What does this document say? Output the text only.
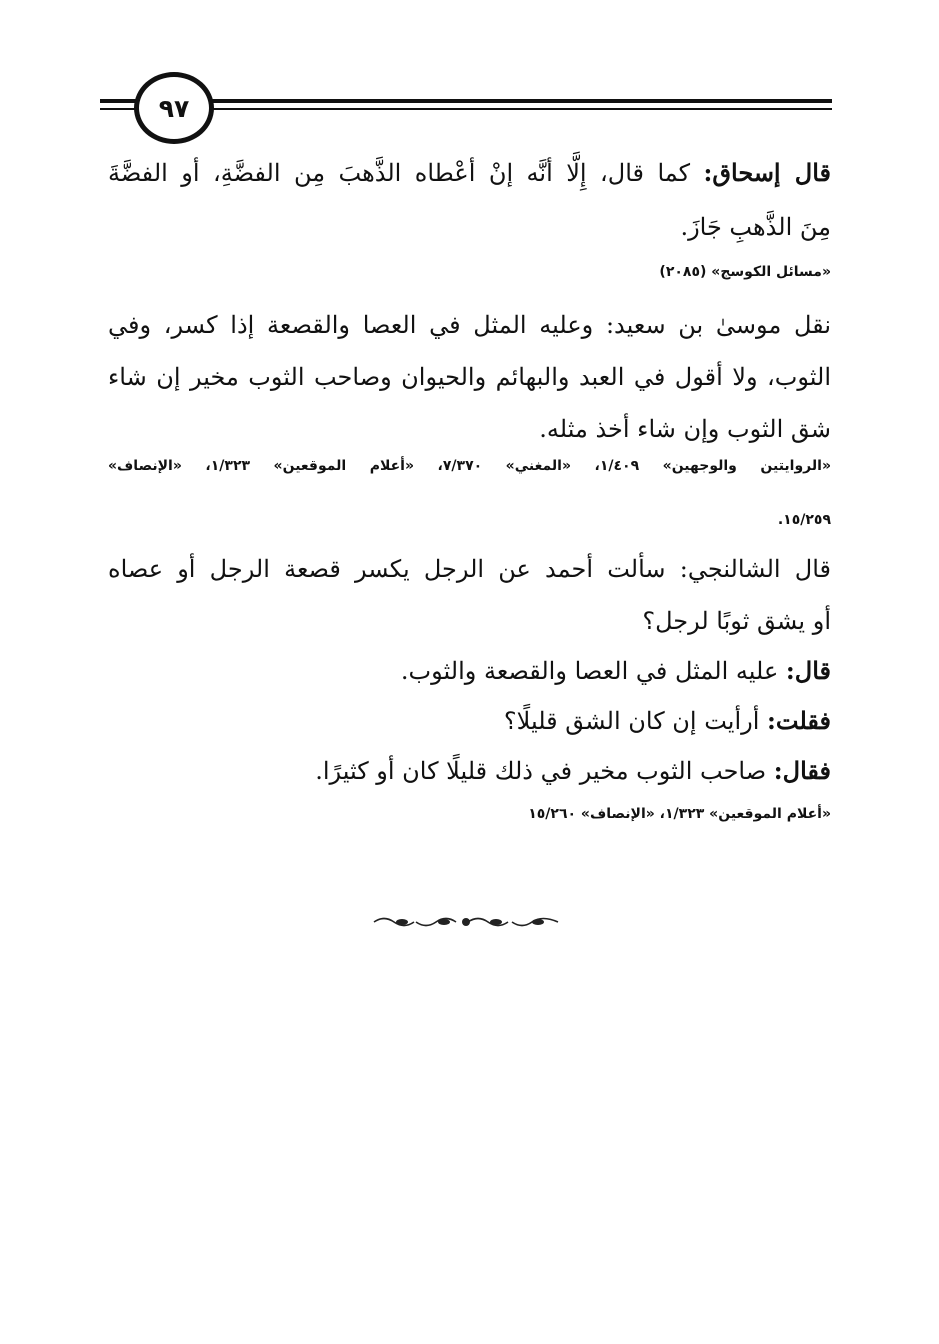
٩٧
قال إسحاق: كما قال، إِلَّا أنَّه إنْ أعْطاه الذَّهبَ مِن الفضَّةِ، أو الفضَّةَ
مِنَ الذَّهبِ جَازَ.
«مسائل الكوسج» (٢٠٨٥)
نقل موسىٰ بن سعيد: وعليه المثل في العصا والقصعة إذا كسر، وفي
الثوب، ولا أقول في العبد والبهائم والحيوان وصاحب الثوب مخير إن شاء
شق الثوب وإن شاء أخذ مثله.
«الروايتين والوجهين» ١/٤٠٩، «المغني» ٧/٣٧٠، «أعلام الموقعين» ١/٣٢٣، «الإنصاف»
١٥/٢٥٩.
قال الشالنجي: سألت أحمد عن الرجل يكسر قصعة الرجل أو عصاه
أو يشق ثوبًا لرجل؟
قال: عليه المثل في العصا والقصعة والثوب.
فقلت: أرأيت إن كان الشق قليلًا؟
فقال: صاحب الثوب مخير في ذلك قليلًا كان أو كثيرًا.
«أعلام الموقعين» ١/٣٢٣، «الإنصاف» ١٥/٢٦٠
